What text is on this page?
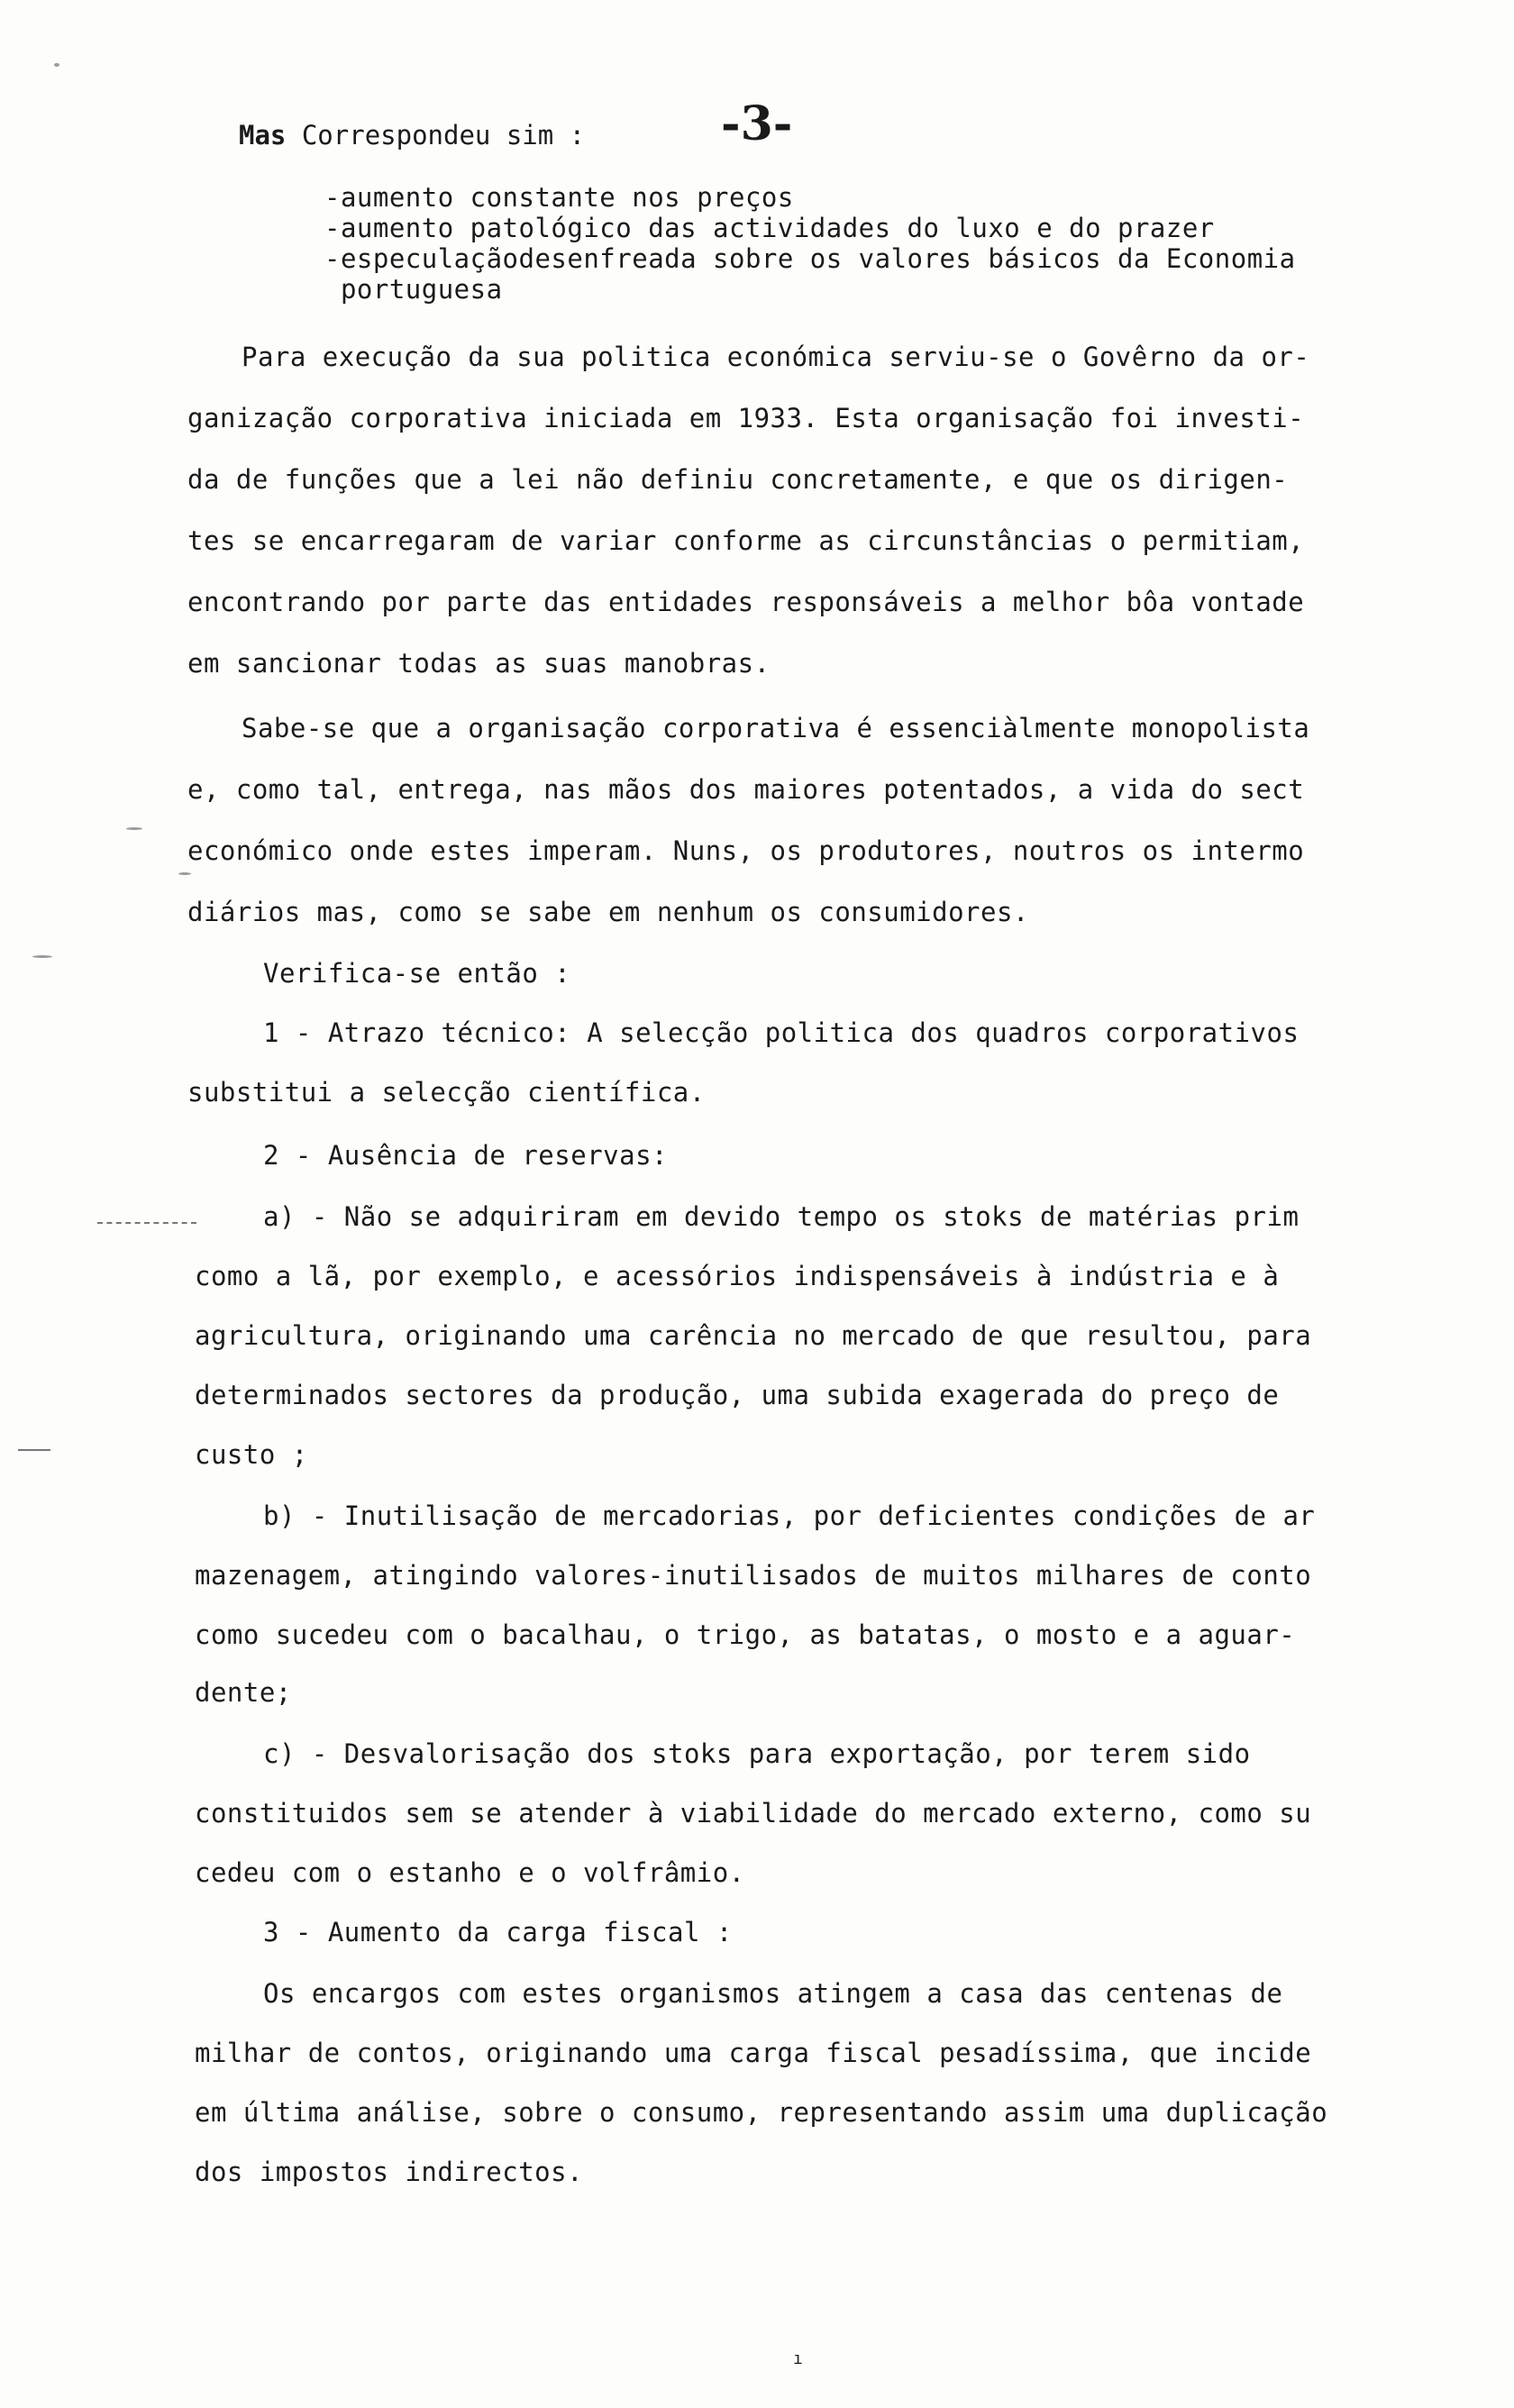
Mas Correspondeu sim :	-3-
-aumento constante nos preços
-aumento patológico das actividades do luxo e do prazer
-especulaçãodesenfreada sobre os valores básicos da Economia
portuguesa
Para execução da sua politica económica serviu-se o Govêrno da or-
ganização corporativa iniciada em 1933. Esta organisação foi investi-
da de funções que a lei não definiu concretamente, e que os dirigen-
tes se encarregaram de variar conforme as circunstâncias o permitiam,
encontrando por parte das entidades responsáveis a melhor bôa vontade
em sancionar todas as suas manobras.
Sabe-se que a organisação corporativa é essenciàlmente monopolista
e, como tal, entrega, nas mãos dos maiores potentados, a vida do sect
económico onde estes imperam. Nuns, os produtores, noutros os intermo
diários mas, como se sabe em nenhum os consumidores.
Verifica-se então :
1 - Atrazo técnico: A selecção politica dos quadros corporativos
substitui a selecção científica.
2 - Ausência de reservas:
a) - Não se adquiriram em devido tempo os stoks de matérias prim
como a lã, por exemplo, e acessórios indispensáveis à indústria e à
agricultura, originando uma carência no mercado de que resultou, para
determinados sectores da produção, uma subida exagerada do preço de
custo ;
b) - Inutilisação de mercadorias, por deficientes condições de ar
mazenagem, atingindo valores-inutilisados de muitos milhares de conto
como sucedeu com o bacalhau, o trigo, as batatas, o mosto e a aguar-
dente;
c) - Desvalorisação dos stoks para exportação, por terem sido
constituidos sem se atender à viabilidade do mercado externo, como su
cedeu com o estanho e o volfrâmio.
3 - Aumento da carga fiscal :
Os encargos com estes organismos atingem a casa das centenas de
milhar de contos, originando uma carga fiscal pesadíssima, que incide
em última análise, sobre o consumo, representando assim uma duplicação
dos impostos indirectos.
ı
